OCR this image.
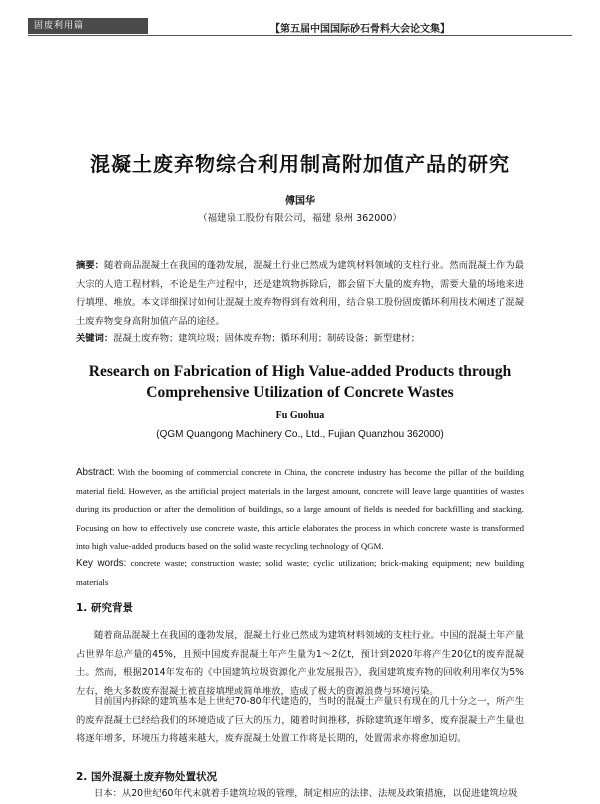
固废利用篇	【第五届中国国际砂石骨料大会论文集】
混凝土废弃物综合利用制高附加值产品的研究
傅国华
（福建泉工股份有限公司，福建 泉州 362000）
摘要：随着商品混凝土在我国的蓬勃发展，混凝土行业已然成为建筑材料领域的支柱行业。然而混凝土作为最大宗的人造工程材料，不论是生产过程中，还是建筑物拆除后，都会留下大量的废弃物，需要大量的场地来进行填埋、堆放。本文详细探讨如何让混凝土废弃物得到有效利用，结合泉工股份固废循环利用技术阐述了混凝土废弃物变身高附加值产品的途径。
关键词：混凝土废弃物；建筑垃圾；固体废弃物；循环利用；制砖设备；新型建材；
Research on Fabrication of High Value-added Products through Comprehensive Utilization of Concrete Wastes
Fu Guohua
(QGM Quangong Machinery Co., Ltd., Fujian Quanzhou 362000)
Abstract: With the booming of commercial concrete in China, the concrete industry has become the pillar of the building material field. However, as the artificial project materials in the largest amount, concrete will leave large quantities of wastes during its production or after the demolition of buildings, so a large amount of fields is needed for backfilling and stacking. Focusing on how to effectively use concrete waste, this article elaborates the process in which concrete waste is transformed into high value-added products based on the solid waste recycling technology of QGM.
Key words: concrete waste; construction waste; solid waste; cyclic utilization; brick-making equipment; new building materials
1. 研究背景
随着商品混凝土在我国的蓬勃发展，混凝土行业已然成为建筑材料领域的支柱行业。中国的混凝土年产量占世界年总产量的45%，且预中国废弃混凝土年产生量为1～2亿t，预计到2020年将产生20亿t的废弃混凝土。然而，根据2014年发布的《中国建筑垃圾资源化产业发展报告》，我国建筑废弃物的回收利用率仅为5%左右，绝大多数废弃混凝土被直接填埋或简单堆放，造成了极大的资源浪费与环境污染。
目前国内拆除的建筑基本是上世纪70-80年代建造的，当时的混凝土产量只有现在的几十分之一，所产生的废弃混凝土已经给我们的环境造成了巨大的压力，随着时间推移，拆除建筑逐年增多，废弃混凝土产生量也将逐年增多，环境压力将越来越大，废弃混凝土处置工作将是长期的，处置需求亦将愈加迫切。
2. 国外混凝土废弃物处置状况
日本：从20世纪60年代末就着手建筑垃圾的管理，制定相应的法律、法规及政策措施，以促进建筑垃圾
